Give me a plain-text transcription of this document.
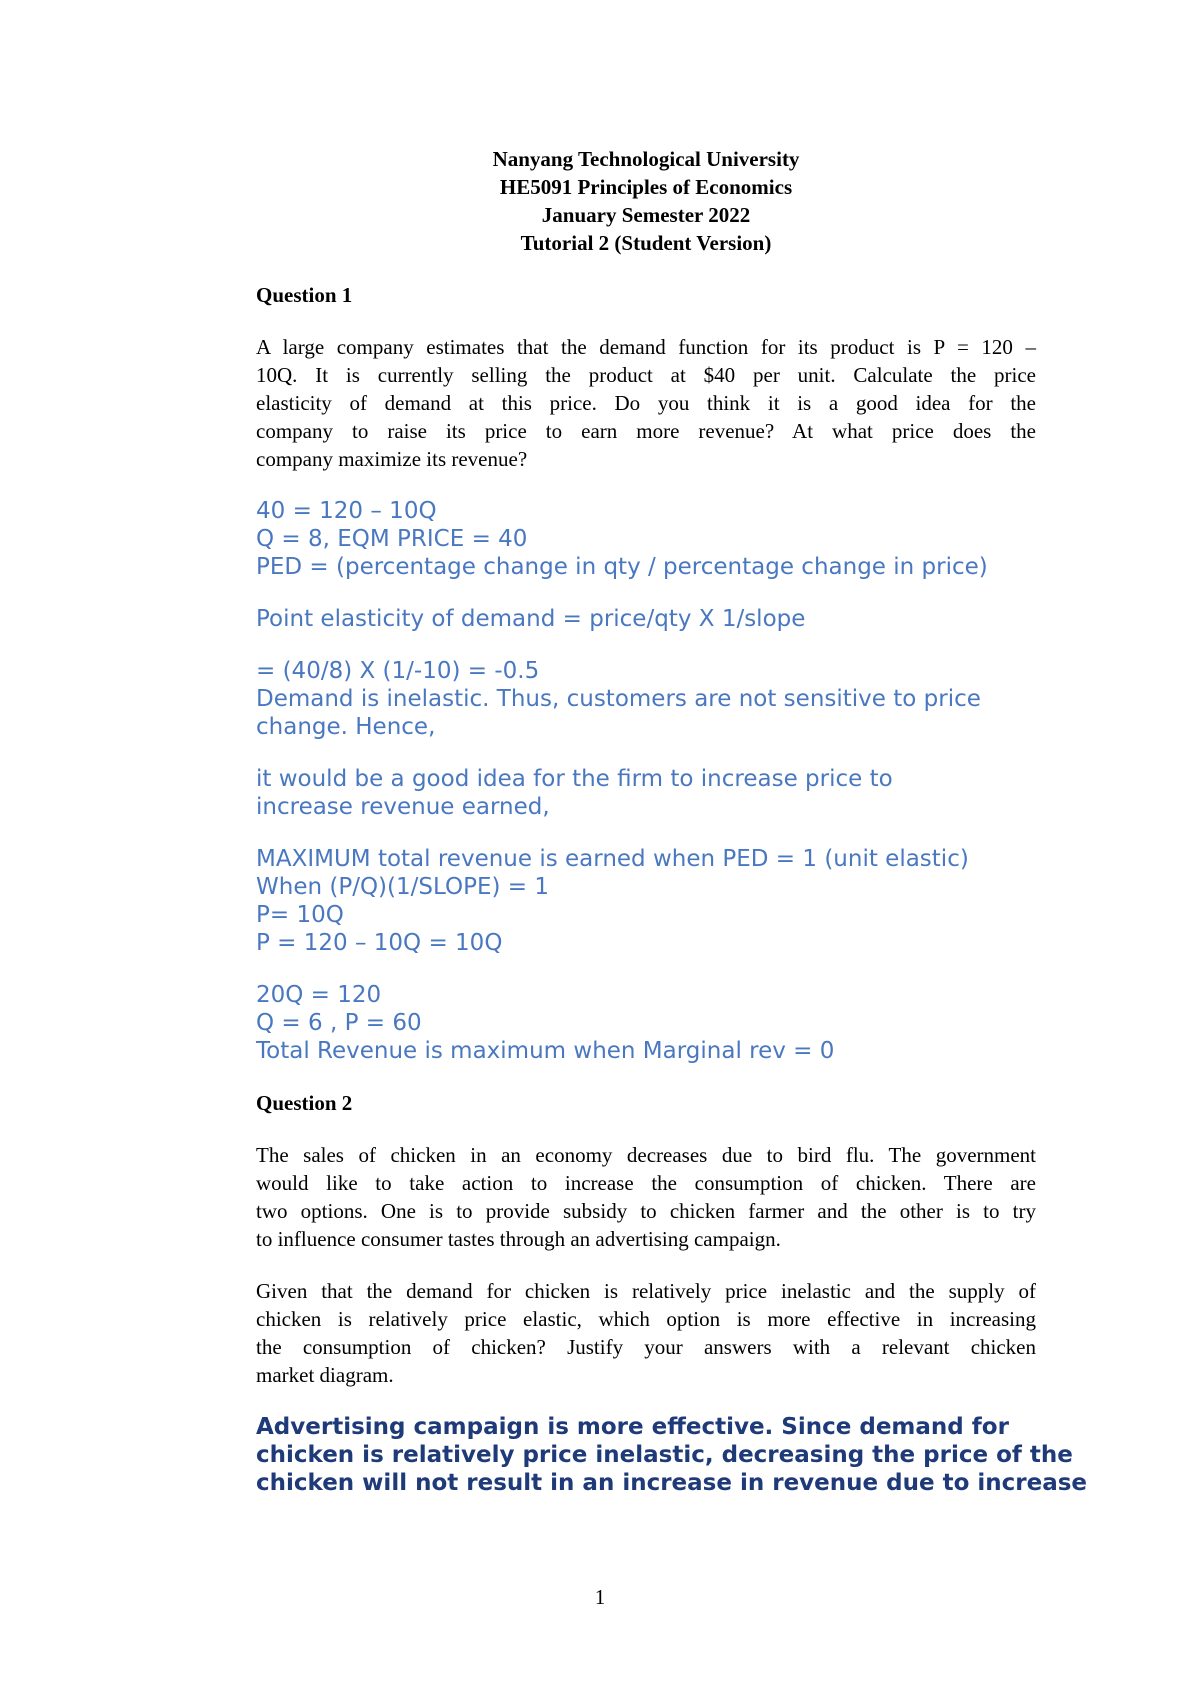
Nanyang Technological University
HE5091 Principles of Economics
January Semester 2022
Tutorial 2 (Student Version)
Question 1
A large company estimates that the demand function for its product is P = 120 –
10Q. It is currently selling the product at $40 per unit. Calculate the price
elasticity of demand at this price. Do you think it is a good idea for the
company to raise its price to earn more revenue? At what price does the
company maximize its revenue?
40 = 120 – 10Q
Q = 8, EQM PRICE = 40
PED = (percentage change in qty / percentage change in price)
Point elasticity of demand = price/qty X 1/slope
= (40/8) X (1/-10) = -0.5
Demand is inelastic. Thus, customers are not sensitive to price
change. Hence,
it would be a good idea for the firm to increase price to
increase revenue earned,
MAXIMUM total revenue is earned when PED = 1 (unit elastic)
When (P/Q)(1/SLOPE) = 1
P= 10Q
P = 120 – 10Q = 10Q
20Q = 120
Q = 6 , P = 60
Total Revenue is maximum when Marginal rev = 0
Question 2
The sales of chicken in an economy decreases due to bird flu. The government
would like to take action to increase the consumption of chicken. There are
two options. One is to provide subsidy to chicken farmer and the other is to try
to influence consumer tastes through an advertising campaign.
Given that the demand for chicken is relatively price inelastic and the supply of
chicken is relatively price elastic, which option is more effective in increasing
the consumption of chicken? Justify your answers with a relevant chicken
market diagram.
Advertising campaign is more effective. Since demand for
chicken is relatively price inelastic, decreasing the price of the
chicken will not result in an increase in revenue due to increase
1
